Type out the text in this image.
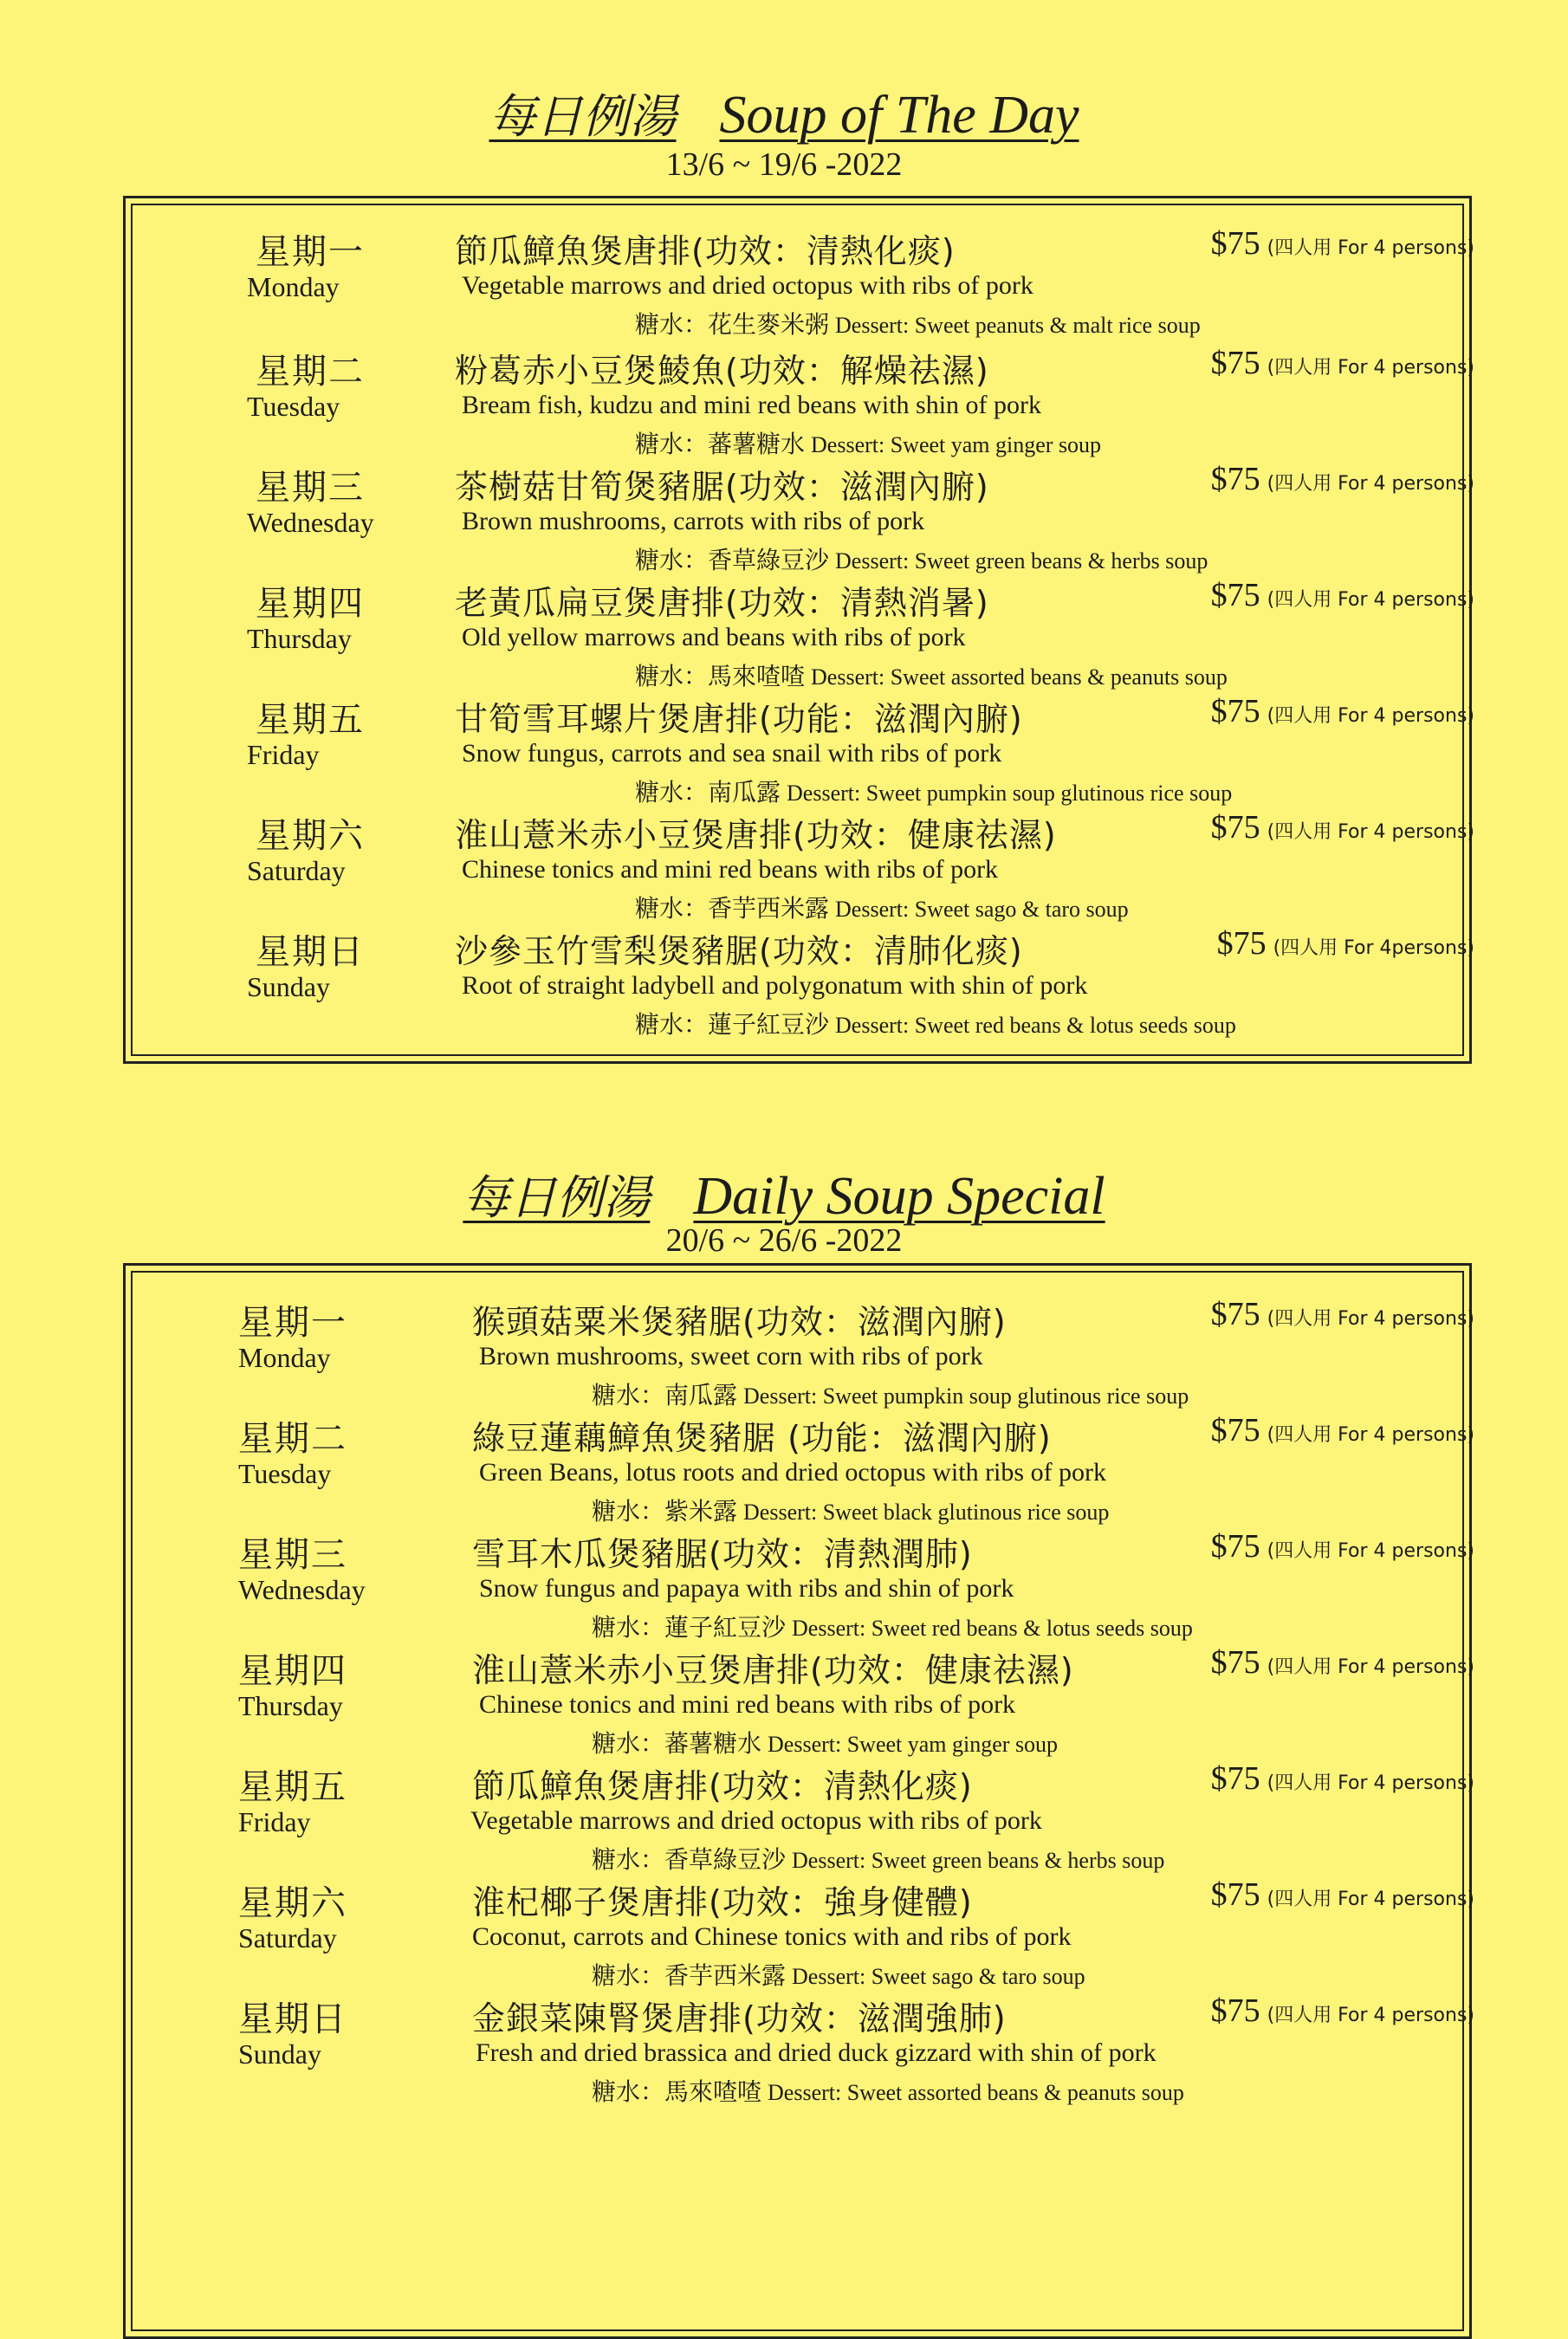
每日例湯 Soup of The Day
13/6 ~ 19/6 -2022
星期一
Monday
節瓜鱆魚煲唐排(功效：清熱化痰)	$75 (四人用 For 4 persons)
Vegetable marrows and dried octopus with ribs of pork
糖水：花生麥米粥 Dessert: Sweet peanuts & malt rice soup
星期二
Tuesday
粉葛赤小豆煲鯪魚(功效：解燥祛濕)	$75 (四人用 For 4 persons)
Bream fish, kudzu and mini red beans with shin of pork
糖水：蕃薯糖水 Dessert: Sweet yam ginger soup
星期三
Wednesday
茶樹菇甘筍煲豬腒(功效：滋潤內腑)	$75 (四人用 For 4 persons)
Brown mushrooms, carrots with ribs of pork
糖水：香草綠豆沙 Dessert: Sweet green beans & herbs soup
星期四
Thursday
老黃瓜扁豆煲唐排(功效：清熱消暑)	$75 (四人用 For 4 persons)
Old yellow marrows and beans with ribs of pork
糖水：馬來喳喳 Dessert: Sweet assorted beans & peanuts soup
星期五
Friday
甘筍雪耳螺片煲唐排(功能：滋潤內腑)	$75 (四人用 For 4 persons)
Snow fungus, carrots and sea snail with ribs of pork
糖水：南瓜露 Dessert: Sweet pumpkin soup glutinous rice soup
星期六
Saturday
淮山薏米赤小豆煲唐排(功效：健康祛濕)	$75 (四人用 For 4 persons)
Chinese tonics and mini red beans with ribs of pork
糖水：香芋西米露 Dessert: Sweet sago & taro soup
星期日
Sunday
沙參玉竹雪梨煲豬腒(功效：清肺化痰)	$75 (四人用 For 4persons)
Root of straight ladybell and polygonatum with shin of pork
糖水：蓮子紅豆沙 Dessert: Sweet red beans & lotus seeds soup
每日例湯 Daily Soup Special
20/6 ~ 26/6 -2022
星期一
Monday
猴頭菇粟米煲豬腒(功效：滋潤內腑)	$75 (四人用 For 4 persons)
Brown mushrooms, sweet corn with ribs of pork
糖水：南瓜露 Dessert: Sweet pumpkin soup glutinous rice soup
星期二
Tuesday
綠豆蓮藕鱆魚煲豬腒 (功能：滋潤內腑)	$75 (四人用 For 4 persons)
Green Beans, lotus roots and dried octopus with ribs of pork
糖水：紫米露 Dessert: Sweet black glutinous rice soup
星期三
Wednesday
雪耳木瓜煲豬腒(功效：清熱潤肺)	$75 (四人用 For 4 persons)
Snow fungus and papaya with ribs and shin of pork
糖水：蓮子紅豆沙 Dessert: Sweet red beans & lotus seeds soup
星期四
Thursday
淮山薏米赤小豆煲唐排(功效：健康祛濕)	$75 (四人用 For 4 persons)
Chinese tonics and mini red beans with ribs of pork
糖水：蕃薯糖水 Dessert: Sweet yam ginger soup
星期五
Friday
節瓜鱆魚煲唐排(功效：清熱化痰)	$75 (四人用 For 4 persons)
Vegetable marrows and dried octopus with ribs of pork
糖水：香草綠豆沙 Dessert: Sweet green beans & herbs soup
星期六
Saturday
淮杞椰子煲唐排(功效：強身健體)	$75 (四人用 For 4 persons)
Coconut, carrots and Chinese tonics with and ribs of pork
糖水：香芋西米露 Dessert: Sweet sago & taro soup
星期日
Sunday
金銀菜陳腎煲唐排(功效：滋潤強肺)	$75 (四人用 For 4 persons)
Fresh and dried brassica and dried duck gizzard with shin of pork
糖水：馬來喳喳 Dessert: Sweet assorted beans & peanuts soup
